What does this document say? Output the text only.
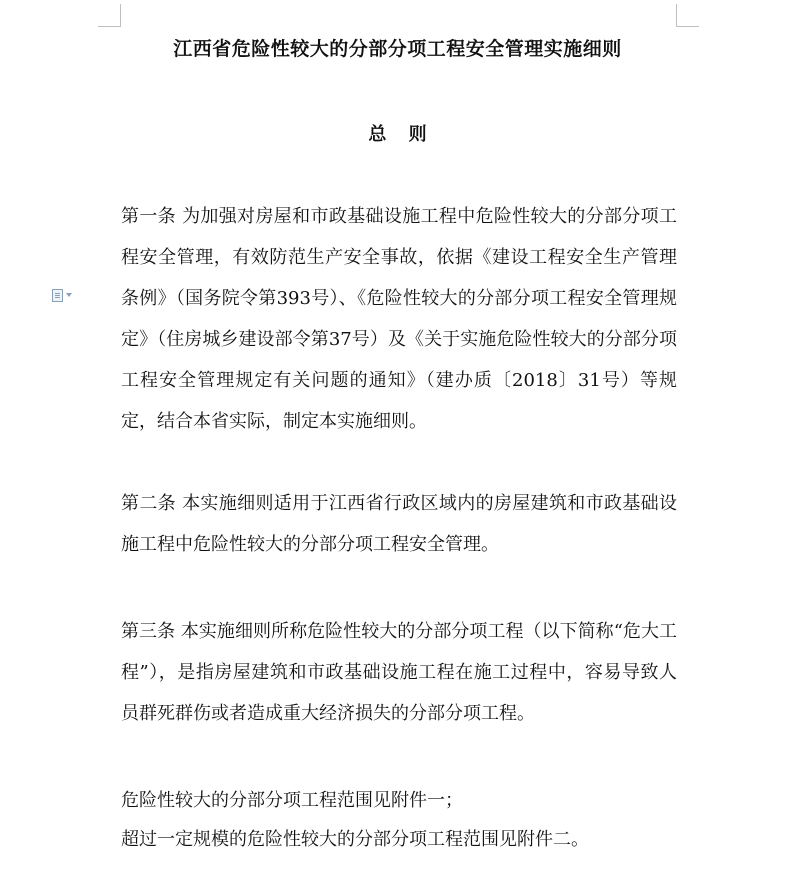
江西省危险性较大的分部分项工程安全管理实施细则
总 则
第一条 为加强对房屋和市政基础设施工程中危险性较大的分部分项工程安全管理，有效防范生产安全事故，依据《建设工程安全生产管理条例》（国务院令第393号）、《危险性较大的分部分项工程安全管理规定》（住房城乡建设部令第37号）及《关于实施危险性较大的分部分项工程安全管理规定有关问题的通知》（建办质〔2018〕31号）等规定，结合本省实际，制定本实施细则。
第二条 本实施细则适用于江西省行政区域内的房屋建筑和市政基础设施工程中危险性较大的分部分项工程安全管理。
第三条 本实施细则所称危险性较大的分部分项工程（以下简称“危大工程”），是指房屋建筑和市政基础设施工程在施工过程中，容易导致人员群死群伤或者造成重大经济损失的分部分项工程。
危险性较大的分部分项工程范围见附件一；
超过一定规模的危险性较大的分部分项工程范围见附件二。
